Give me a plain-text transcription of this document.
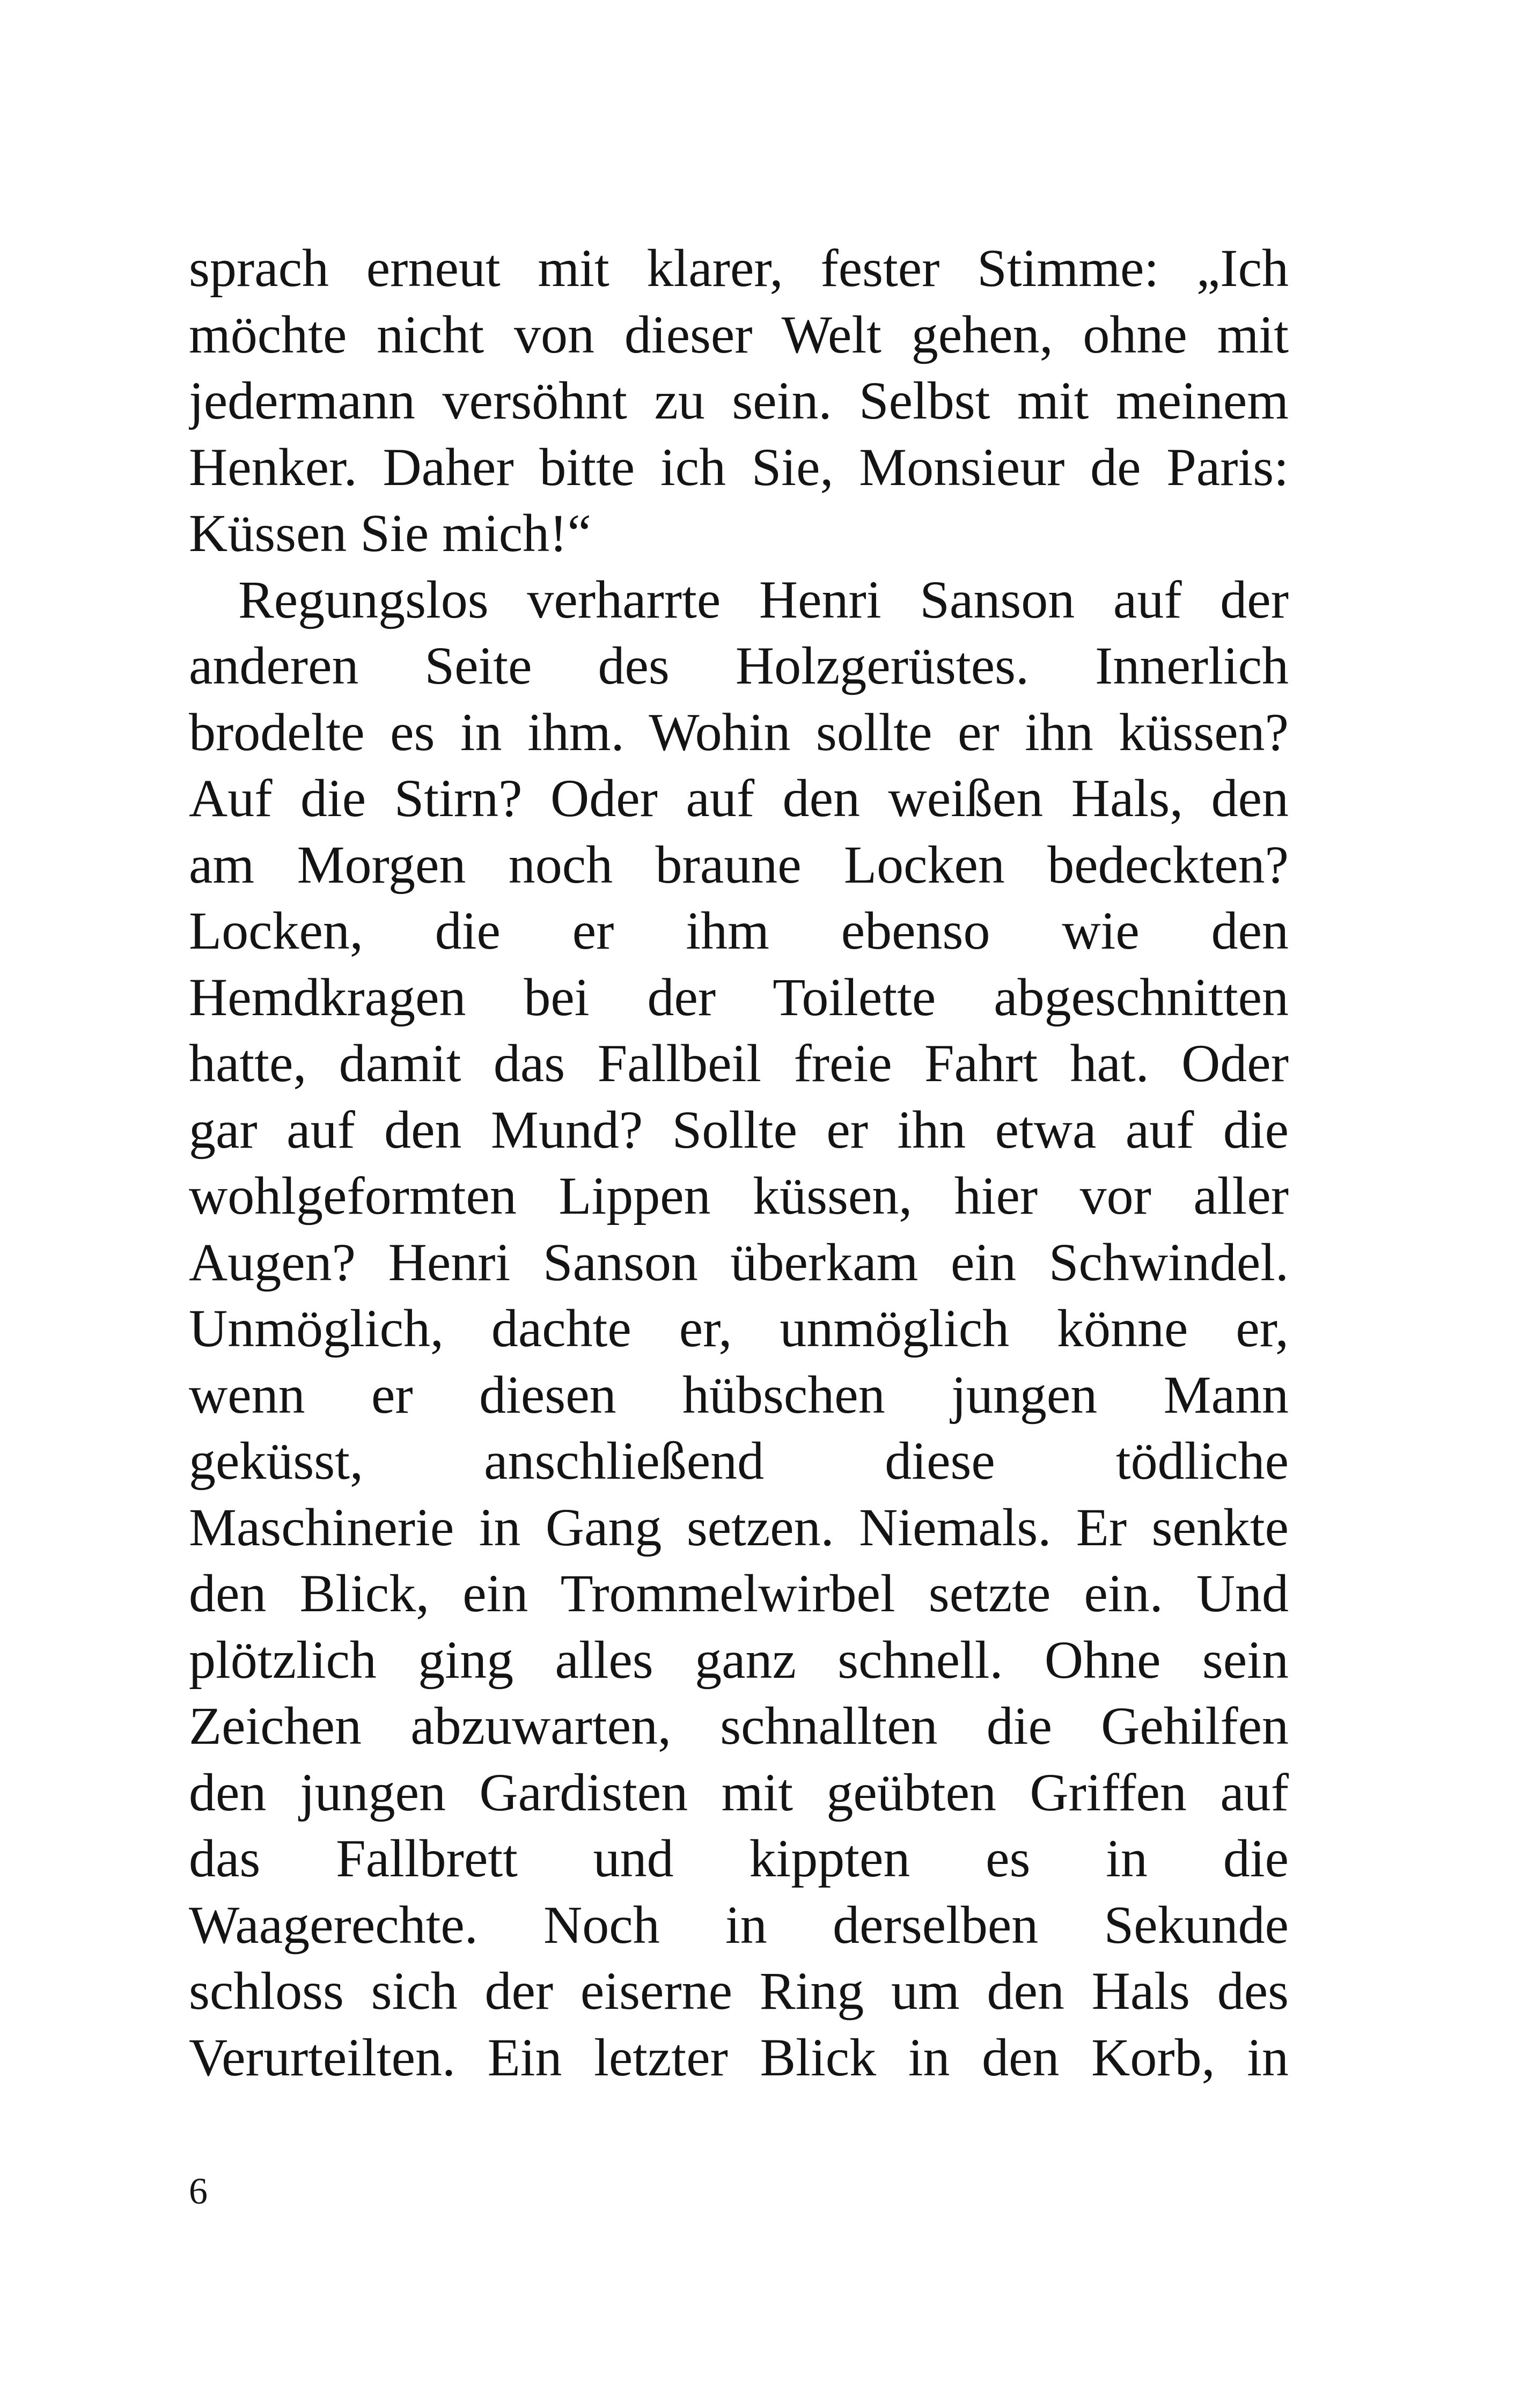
sprach erneut mit klarer, fester Stimme: „Ich
möchte nicht von dieser Welt gehen, ohne mit
jedermann versöhnt zu sein. Selbst mit meinem
Henker. Daher bitte ich Sie, Monsieur de Paris:
Küssen Sie mich!“
Regungslos verharrte Henri Sanson auf der
anderen Seite des Holzgerüstes. Innerlich
brodelte es in ihm. Wohin sollte er ihn küssen?
Auf die Stirn? Oder auf den weißen Hals, den
am Morgen noch braune Locken bedeckten?
Locken, die er ihm ebenso wie den
Hemdkragen bei der Toilette abgeschnitten
hatte, damit das Fallbeil freie Fahrt hat. Oder
gar auf den Mund? Sollte er ihn etwa auf die
wohlgeformten Lippen küssen, hier vor aller
Augen? Henri Sanson überkam ein Schwindel.
Unmöglich, dachte er, unmöglich könne er,
wenn er diesen hübschen jungen Mann
geküsst, anschließend diese tödliche
Maschinerie in Gang setzen. Niemals. Er senkte
den Blick, ein Trommelwirbel setzte ein. Und
plötzlich ging alles ganz schnell. Ohne sein
Zeichen abzuwarten, schnallten die Gehilfen
den jungen Gardisten mit geübten Griffen auf
das Fallbrett und kippten es in die
Waagerechte. Noch in derselben Sekunde
schloss sich der eiserne Ring um den Hals des
Verurteilten. Ein letzter Blick in den Korb, in
6
